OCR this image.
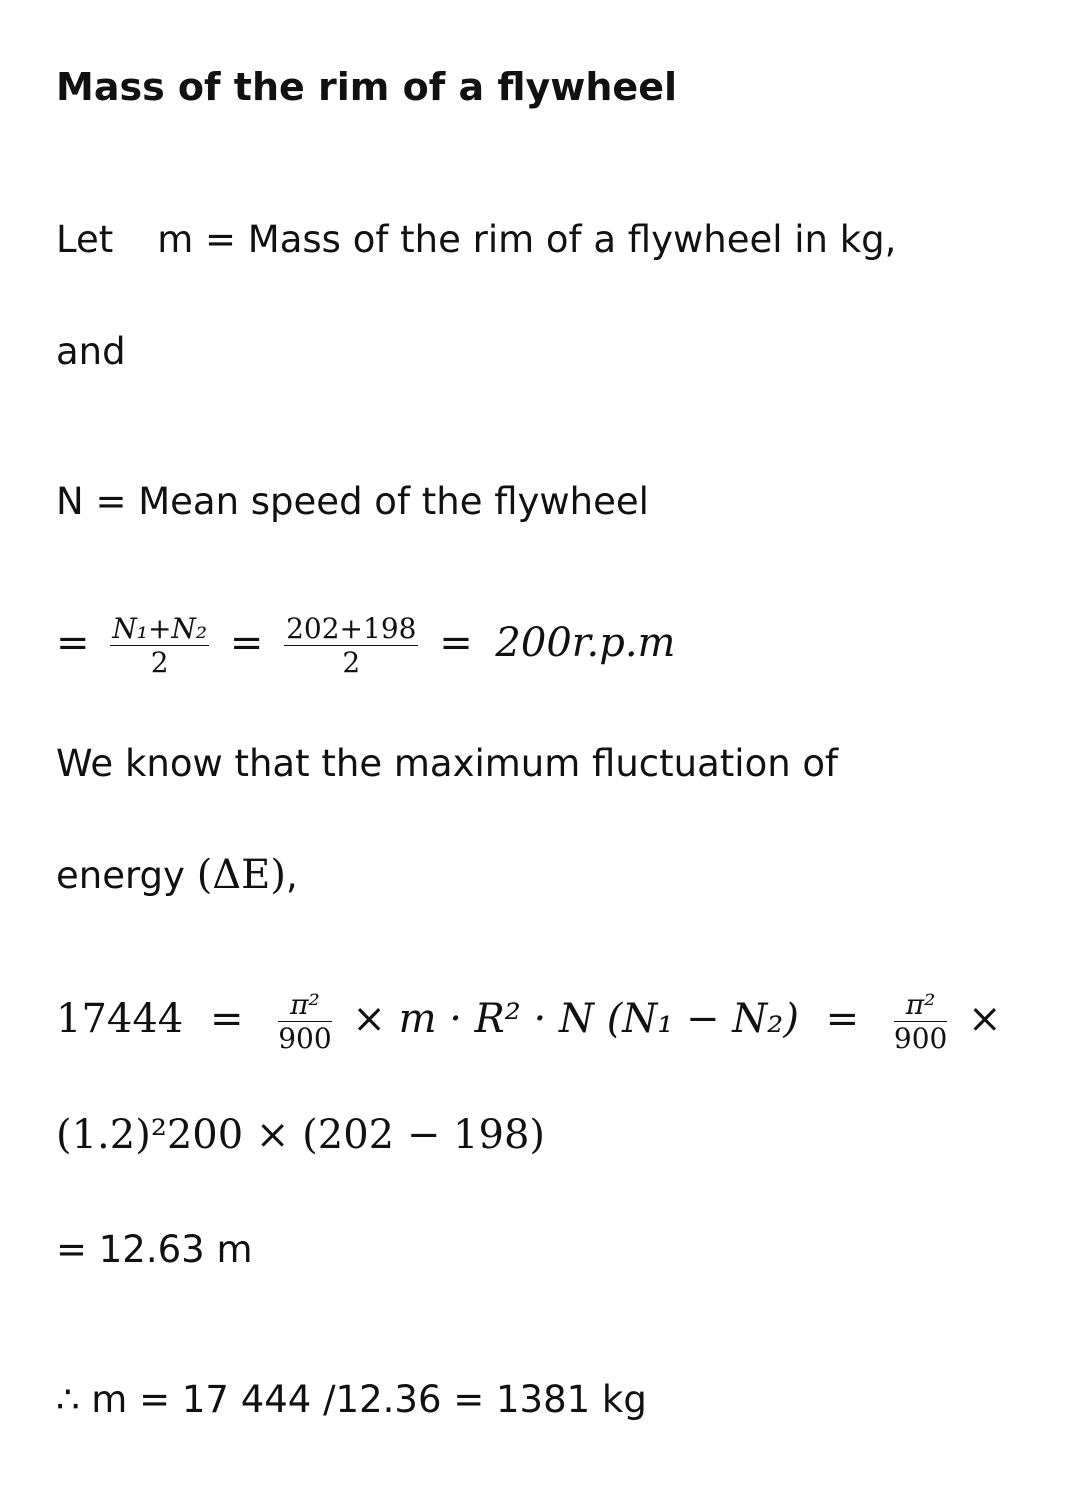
Mass of the rim of a flywheel
Let m = Mass of the rim of a flywheel in kg,
and
N = Mean speed of the flywheel
= $\frac{\text{N₁+N₂}}{2} = \frac{202+198}{2} = 200r.p.m$
We know that the maximum fluctuation of
energy (ΔE),
$17444 = \frac{\text{π²}}{900} \times m \cdot R^2 \cdot N$ $(N_1 - N_2) = \frac{\text{π²}}{900}$ ×
(1.2)²200 × (202 − 198)
= 12.63 m
∴ m = 17 444 /12.36 = 1381 kg
